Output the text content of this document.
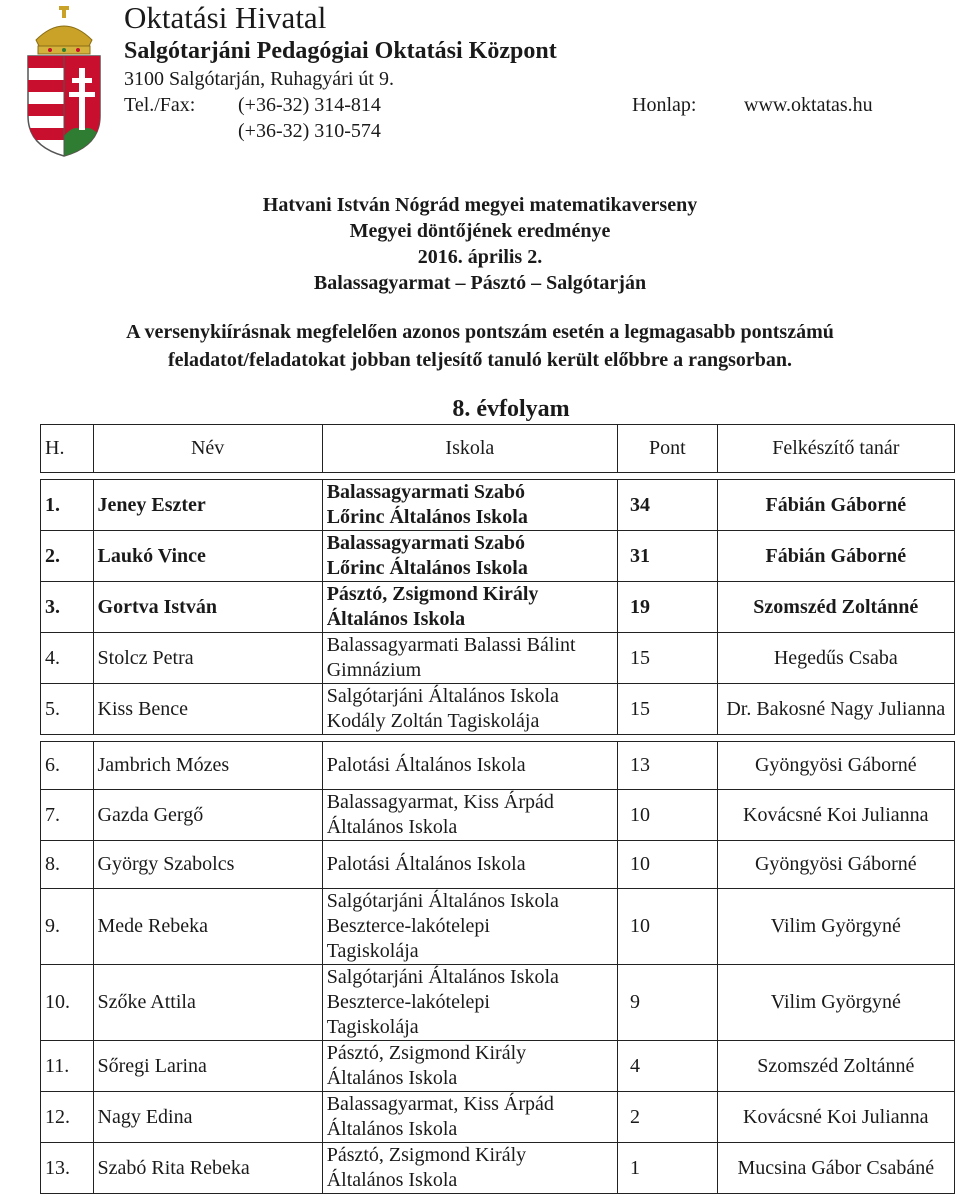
Oktatási Hivatal
Salgótarjáni Pedagógiai Oktatási Központ
3100 Salgótarján, Ruhagyári út 9.
Tel./Fax: (+36-32) 314-814	Honlap: www.oktatas.hu
(+36-32) 310-574
Hatvani István Nógrád megyei matematikaverseny
Megyei döntőjének eredménye
2016. április 2.
Balassagyarmat – Pásztó – Salgótarján
A versenykiírásnak megfelelően azonos pontszám esetén a legmagasabb pontszámú
feladatot/feladatokat jobban teljesítő tanuló került előbbre a rangsorban.
8. évfolyam
H.	Név	Iskola	Pont	Felkészítő tanár

1.	Jeney Eszter	Balassagyarmati Szabó
Lőrinc Általános Iskola	34	Fábián Gáborné
2.	Laukó Vince	Balassagyarmati Szabó
Lőrinc Általános Iskola	31	Fábián Gáborné
3.	Gortva István	Pásztó, Zsigmond Király
Általános Iskola	19	Szomszéd Zoltánné
4.	Stolcz Petra	Balassagyarmati Balassi Bálint
Gimnázium	15	Hegedűs Csaba
5.	Kiss Bence	Salgótarjáni Általános Iskola
Kodály Zoltán Tagiskolája	15	Dr. Bakosné Nagy Julianna

6.	Jambrich Mózes	Palotási Általános Iskola	13	Gyöngyösi Gáborné
7.	Gazda Gergő	Balassagyarmat, Kiss Árpád
Általános Iskola	10	Kovácsné Koi Julianna
8.	György Szabolcs	Palotási Általános Iskola	10	Gyöngyösi Gáborné
9.	Mede Rebeka	Salgótarjáni Általános Iskola
Beszterce-lakótelepi
Tagiskolája	10	Vilim Györgyné
10.	Szőke Attila	Salgótarjáni Általános Iskola
Beszterce-lakótelepi
Tagiskolája	9	Vilim Györgyné
11.	Sőregi Larina	Pásztó, Zsigmond Király
Általános Iskola	4	Szomszéd Zoltánné
12.	Nagy Edina	Balassagyarmat, Kiss Árpád
Általános Iskola	2	Kovácsné Koi Julianna
13.	Szabó Rita Rebeka	Pásztó, Zsigmond Király
Általános Iskola	1	Mucsina Gábor Csabáné
